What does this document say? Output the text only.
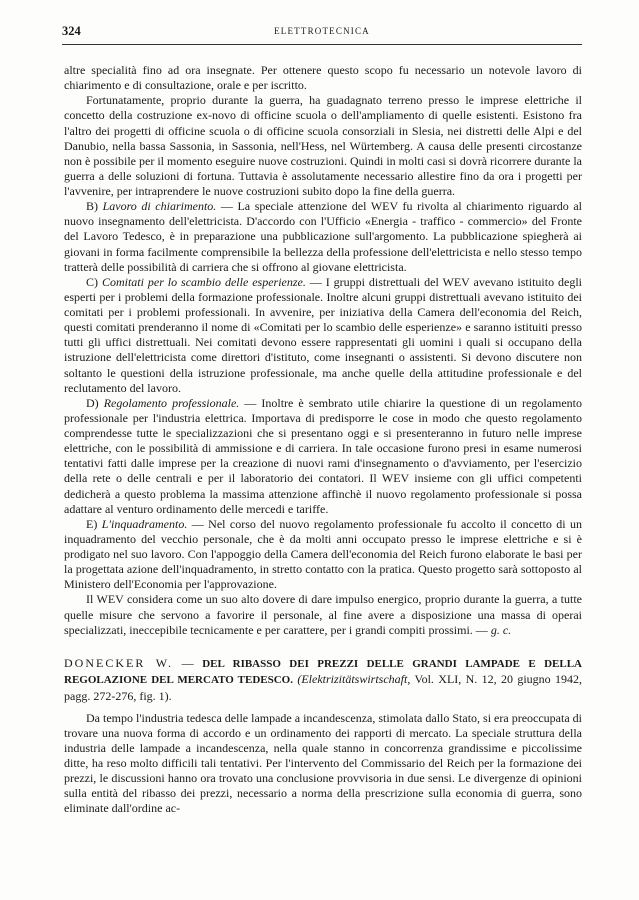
324	ELETTROTECNICA

altre specialità fino ad ora insegnate. Per ottenere questo scopo fu necessario un notevole lavoro di chiarimento e di consultazione, orale e per iscritto.

Fortunatamente, proprio durante la guerra, ha guadagnato terreno presso le imprese elettriche il concetto della costruzione ex-novo di officine scuola o dell'ampliamento di quelle esistenti. Esistono fra l'altro dei progetti di officine scuola o di officine scuola consorziali in Slesia, nei distretti delle Alpi e del Danubio, nella bassa Sassonia, in Sassonia, nell'Hess, nel Würtemberg. A causa delle presenti circostanze non è possibile per il momento eseguire nuove costruzioni. Quindi in molti casi si dovrà ricorrere durante la guerra a delle soluzioni di fortuna. Tuttavia è assolutamente necessario allestire fino da ora i progetti per l'avvenire, per intraprendere le nuove costruzioni subito dopo la fine della guerra.

B) Lavoro di chiarimento. — La speciale attenzione del WEV fu rivolta al chiarimento riguardo al nuovo insegnamento dell'elettricista. D'accordo con l'Ufficio «Energia - traffico - commercio» del Fronte del Lavoro Tedesco, è in preparazione una pubblicazione sull'argomento. La pubblicazione spiegherà ai giovani in forma facilmente comprensibile la bellezza della professione dell'elettricista e nello stesso tempo tratterà delle possibilità di carriera che si offrono al giovane elettricista.

C) Comitati per lo scambio delle esperienze. — I gruppi distrettuali del WEV avevano istituito degli esperti per i problemi della formazione professionale. Inoltre alcuni gruppi distrettuali avevano istituito dei comitati per i problemi professionali. In avvenire, per iniziativa della Camera dell'economia del Reich, questi comitati prenderanno il nome di «Comitati per lo scambio delle esperienze» e saranno istituiti presso tutti gli uffici distrettuali. Nei comitati devono essere rappresentati gli uomini i quali si occupano della istruzione dell'elettricista come direttori d'istituto, come insegnanti o assistenti. Si devono discutere non soltanto le questioni della istruzione professionale, ma anche quelle della attitudine professionale e del reclutamento del lavoro.

D) Regolamento professionale. — Inoltre è sembrato utile chiarire la questione di un regolamento professionale per l'industria elettrica. Importava di predisporre le cose in modo che questo regolamento comprendesse tutte le specializzazioni che si presentano oggi e si presenteranno in futuro nelle imprese elettriche, con le possibilità di ammissione e di carriera. In tale occasione furono presi in esame numerosi tentativi fatti dalle imprese per la creazione di nuovi rami d'insegnamento o d'avviamento, per l'esercizio della rete o delle centrali e per il laboratorio dei contatori. Il WEV insieme con gli uffici competenti dedicherà a questo problema la massima attenzione affinchè il nuovo regolamento professionale si possa adattare al venturo ordinamento delle mercedi e tariffe.

E) L'inquadramento. — Nel corso del nuovo regolamento professionale fu accolto il concetto di un inquadramento del vecchio personale, che è da molti anni occupato presso le imprese elettriche e si è prodigato nel suo lavoro. Con l'appoggio della Camera dell'economia del Reich furono elaborate le basi per la progettata azione dell'inquadramento, in stretto contatto con la pratica. Questo progetto sarà sottoposto al Ministero dell'Economia per l'approvazione.

Il WEV considera come un suo alto dovere di dare impulso energico, proprio durante la guerra, a tutte quelle misure che servono a favorire il personale, al fine avere a disposizione una massa di operai specializzati, ineccepibile tecnicamente e per carattere, per i grandi compiti prossimi. — g. c.

DONECKER W. — DEL RIBASSO DEI PREZZI DELLE GRANDI LAMPADE E DELLA REGOLAZIONE DEL MERCATO TEDESCO. (Elektrizitätswirtschaft, Vol. XLI, N. 12, 20 giugno 1942, pagg. 272-276, fig. 1).

Da tempo l'industria tedesca delle lampade a incandescenza, stimolata dallo Stato, si era preoccupata di trovare una nuova forma di accordo e un ordinamento dei rapporti di mercato. La speciale struttura della industria delle lampade a incandescenza, nella quale stanno in concorrenza grandissime e piccolissime ditte, ha reso molto difficili tali tentativi. Per l'intervento del Commissario del Reich per la formazione dei prezzi, le discussioni hanno ora trovato una conclusione provvisoria in due sensi. Le divergenze di opinioni sulla entità del ribasso dei prezzi, necessario a norma della prescrizione sulla economia di guerra, sono eliminate dall'ordine ac-
